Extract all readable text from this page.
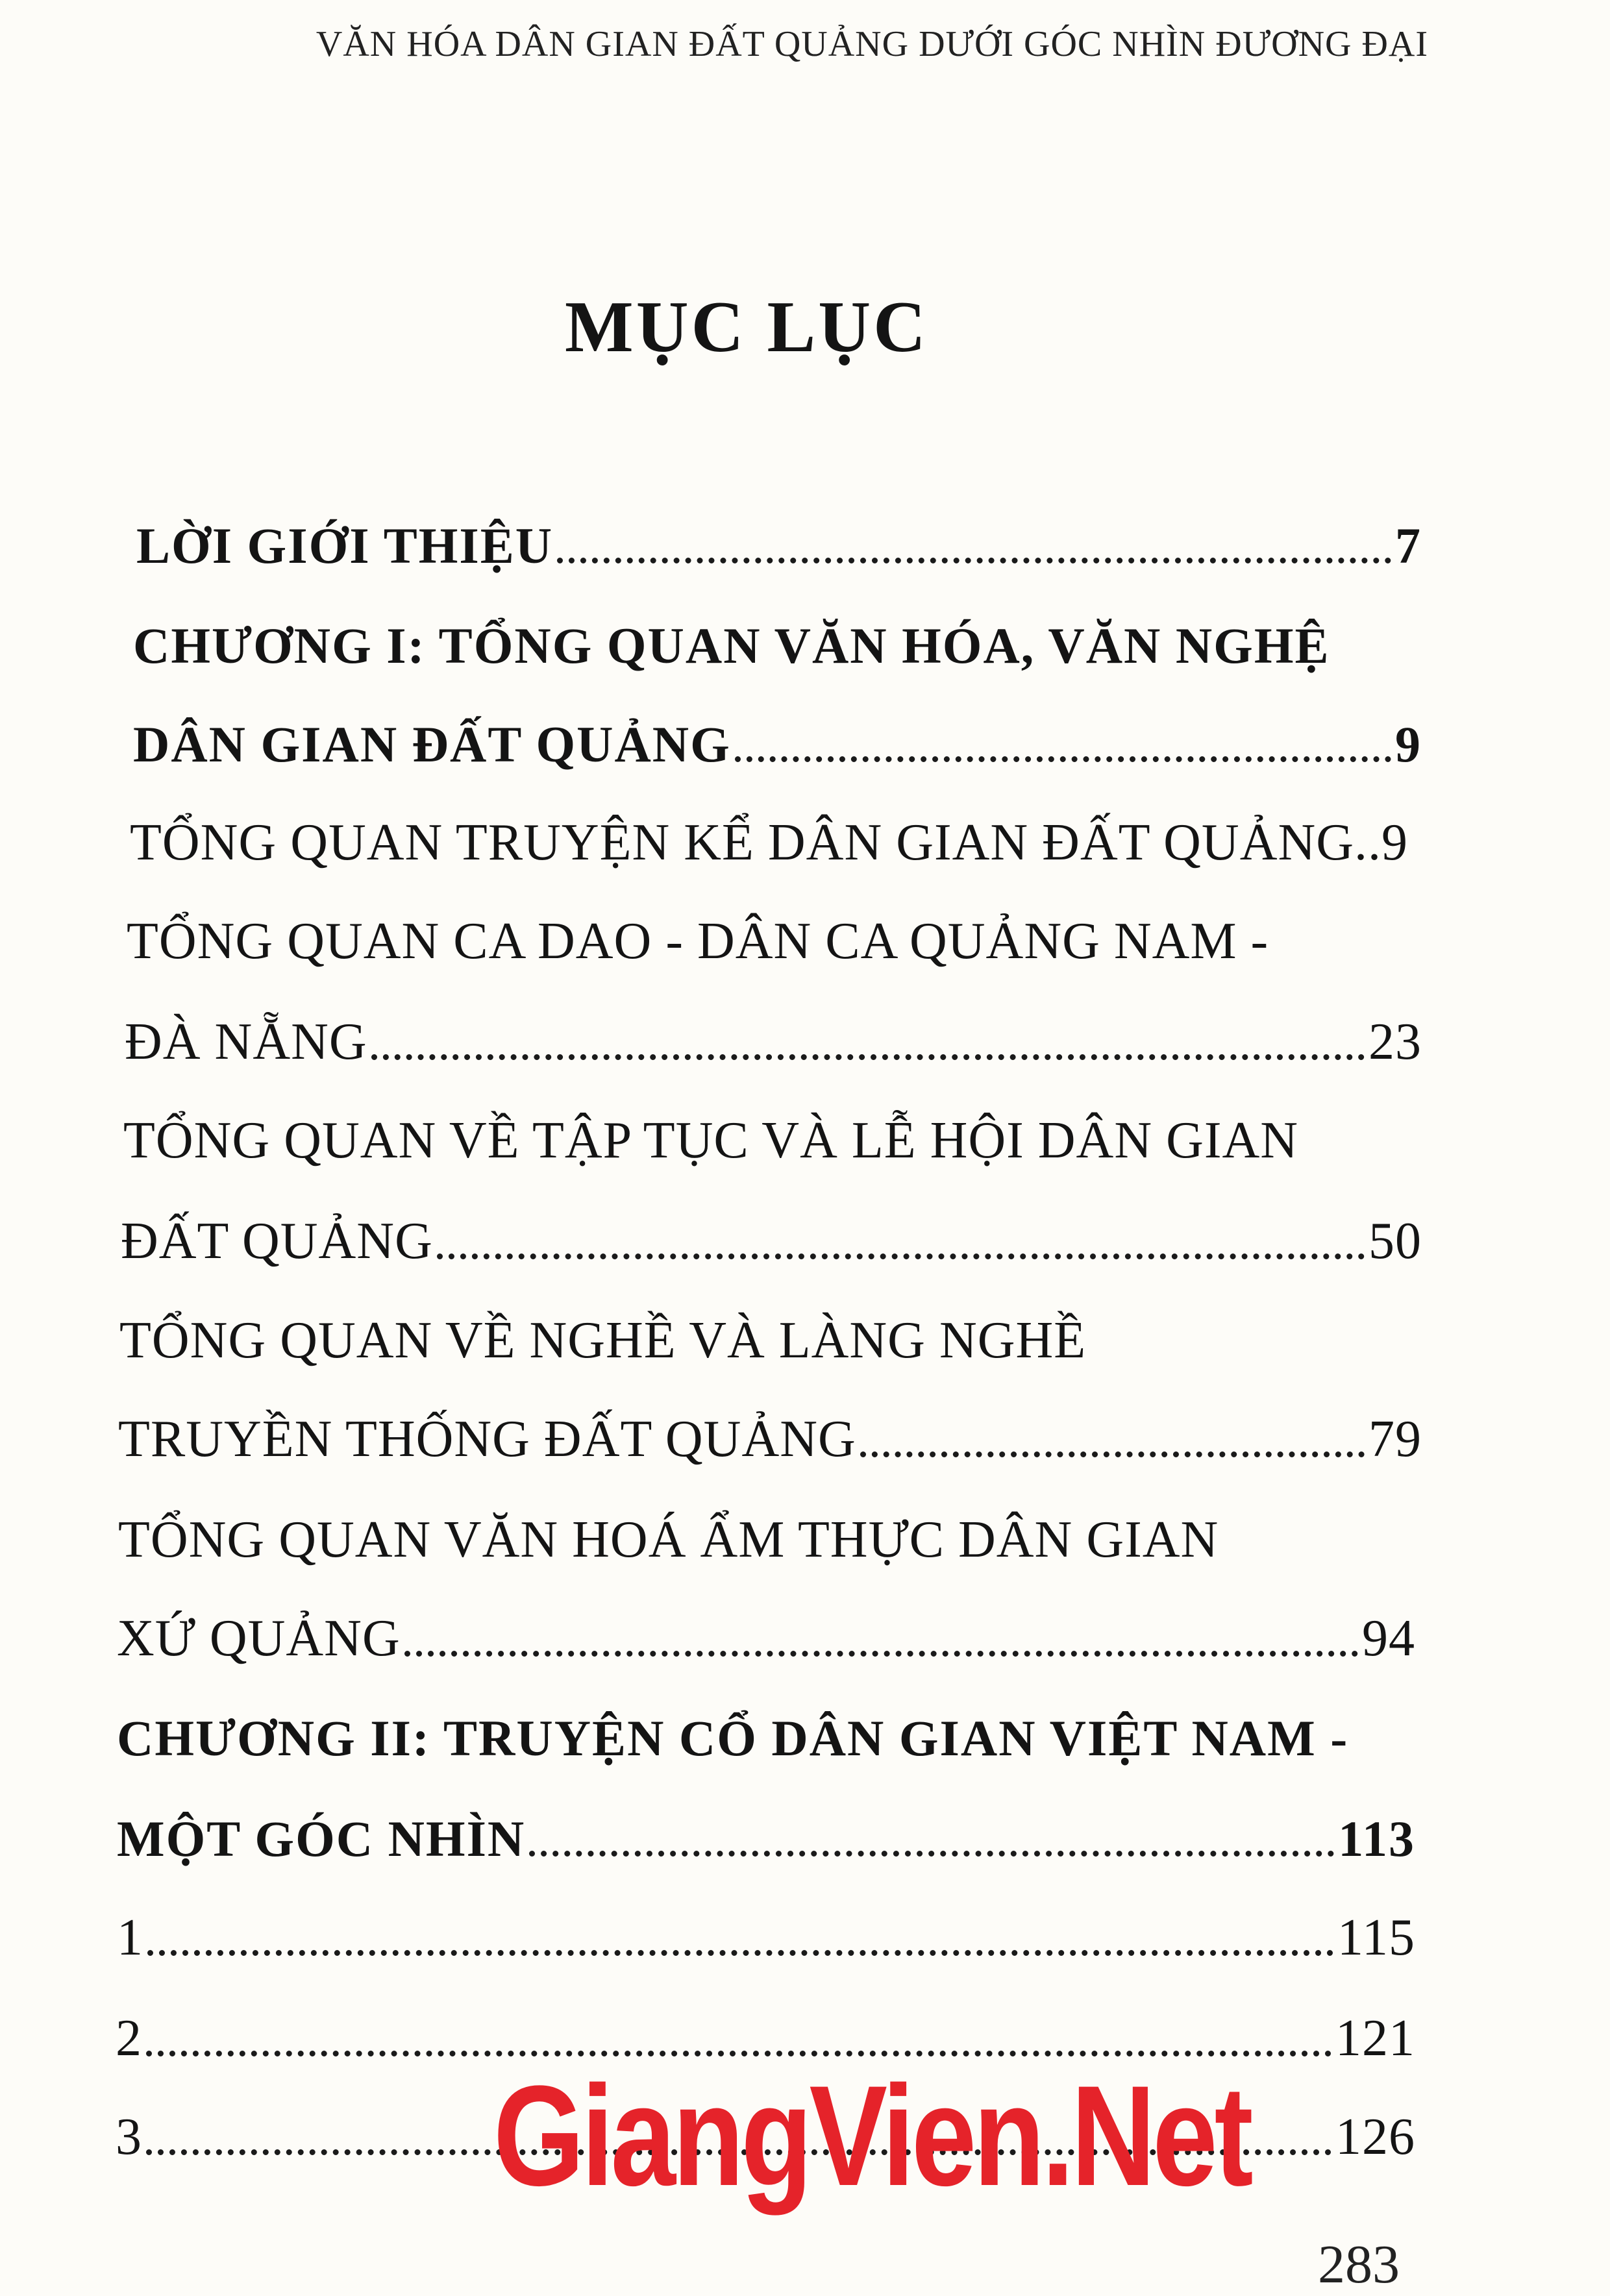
VĂN HÓA DÂN GIAN ĐẤT QUẢNG DƯỚI GÓC NHÌN ĐƯƠNG ĐẠI
MỤC LỤC
LỜI GIỚI THIỆU	7
CHƯƠNG I: TỔNG QUAN VĂN HÓA, VĂN NGHỆ
DÂN GIAN ĐẤT QUẢNG	9
TỔNG QUAN TRUYỆN KỂ DÂN GIAN ĐẤT QUẢNG.. 9
TỔNG QUAN CA DAO - DÂN CA QUẢNG NAM -
ĐÀ NẴNG	23
TỔNG QUAN VỀ TẬP TỤC VÀ LỄ HỘI DÂN GIAN
ĐẤT QUẢNG	50
TỔNG QUAN VỀ NGHỀ VÀ LÀNG NGHỀ
TRUYỀN THỐNG ĐẤT QUẢNG	79
TỔNG QUAN VĂN HOÁ ẨM THỰC DÂN GIAN
XỨ QUẢNG	94
CHƯƠNG II: TRUYỆN CỔ DÂN GIAN VIỆT NAM -
MỘT GÓC NHÌN	113
1	115
2	121
3	126
GiangVien.Net
283
